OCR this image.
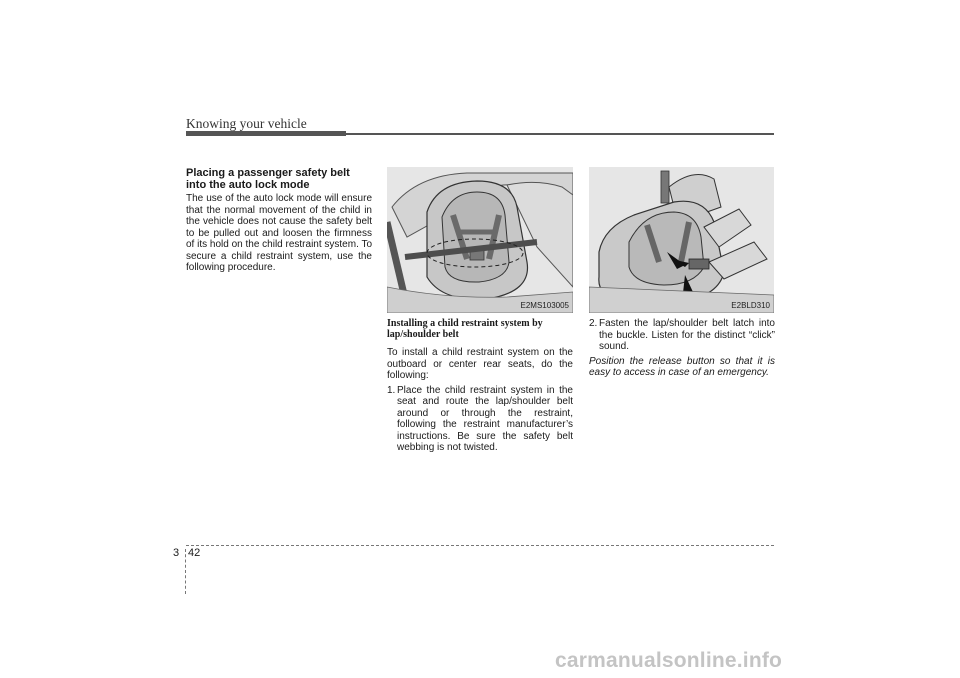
Knowing your vehicle

Placing a passenger safety belt into the auto lock mode

The use of the auto lock mode will ensure that the normal movement of the child in the vehicle does not cause the safety belt to be pulled out and loosen the firmness of its hold on the child restraint system. To secure a child restraint system, use the following procedure.

E2MS103005	E2BLD310

Installing a child restraint system by lap/shoulder belt

To install a child restraint system on the outboard or center rear seats, do the following:

1. Place the child restraint system in the seat and route the lap/shoulder belt around or through the restraint, following the restraint manufacturer’s instructions. Be sure the safety belt webbing is not twisted.
2. Fasten the lap/shoulder belt latch into the buckle. Listen for the distinct “click” sound.

Position the release button so that it is easy to access in case of an emergency.

3 42
carmanualsonline.info
